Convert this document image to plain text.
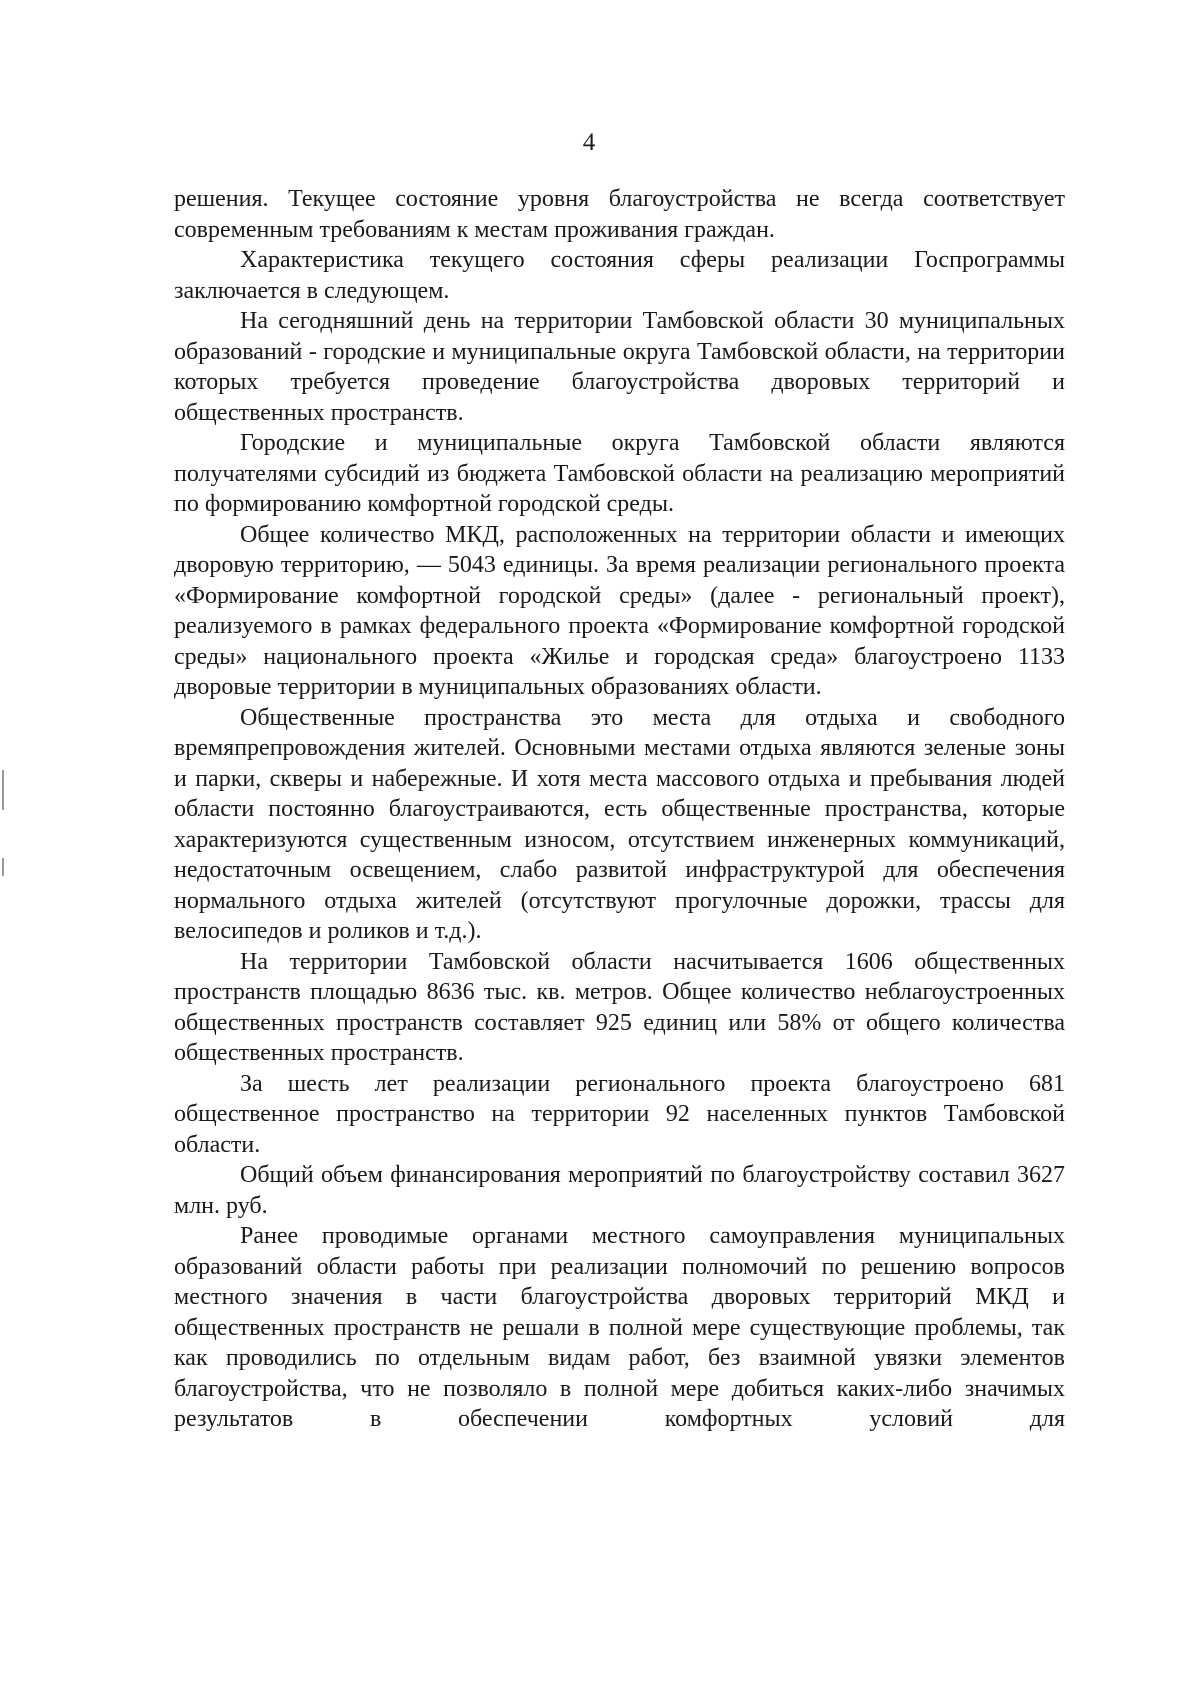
4

решения. Текущее состояние уровня благоустройства не всегда соответствует современным требованиям к местам проживания граждан.

Характеристика текущего состояния сферы реализации Госпрограммы заключается в следующем.

На сегодняшний день на территории Тамбовской области 30 муниципальных образований - городские и муниципальные округа Тамбовской области, на территории которых требуется проведение благоустройства дворовых территорий и общественных пространств.

Городские и муниципальные округа Тамбовской области являются получателями субсидий из бюджета Тамбовской области на реализацию мероприятий по формированию комфортной городской среды.

Общее количество МКД, расположенных на территории области и имеющих дворовую территорию, — 5043 единицы. За время реализации регионального проекта «Формирование комфортной городской среды» (далее - региональный проект), реализуемого в рамках федерального проекта «Формирование комфортной городской среды» национального проекта «Жилье и городская среда» благоустроено 1133 дворовые территории в муниципальных образованиях области.

Общественные пространства это места для отдыха и свободного времяпрепровождения жителей. Основными местами отдыха являются зеленые зоны и парки, скверы и набережные. И хотя места массового отдыха и пребывания людей области постоянно благоустраиваются, есть общественные пространства, которые характеризуются существенным износом, отсутствием инженерных коммуникаций, недостаточным освещением, слабо развитой инфраструктурой для обеспечения нормального отдыха жителей (отсутствуют прогулочные дорожки, трассы для велосипедов и роликов и т.д.).

На территории Тамбовской области насчитывается 1606 общественных пространств площадью 8636 тыс. кв. метров. Общее количество неблагоустроенных общественных пространств составляет 925 единиц или 58% от общего количества общественных пространств.

За шесть лет реализации регионального проекта благоустроено 681 общественное пространство на территории 92 населенных пунктов Тамбовской области.

Общий объем финансирования мероприятий по благоустройству составил 3627 млн. руб.

Ранее проводимые органами местного самоуправления муниципальных образований области работы при реализации полномочий по решению вопросов местного значения в части благоустройства дворовых территорий МКД и общественных пространств не решали в полной мере существующие проблемы, так как проводились по отдельным видам работ, без взаимной увязки элементов благоустройства, что не позволяло в полной мере добиться каких-либо значимых результатов в обеспечении комфортных условий для
